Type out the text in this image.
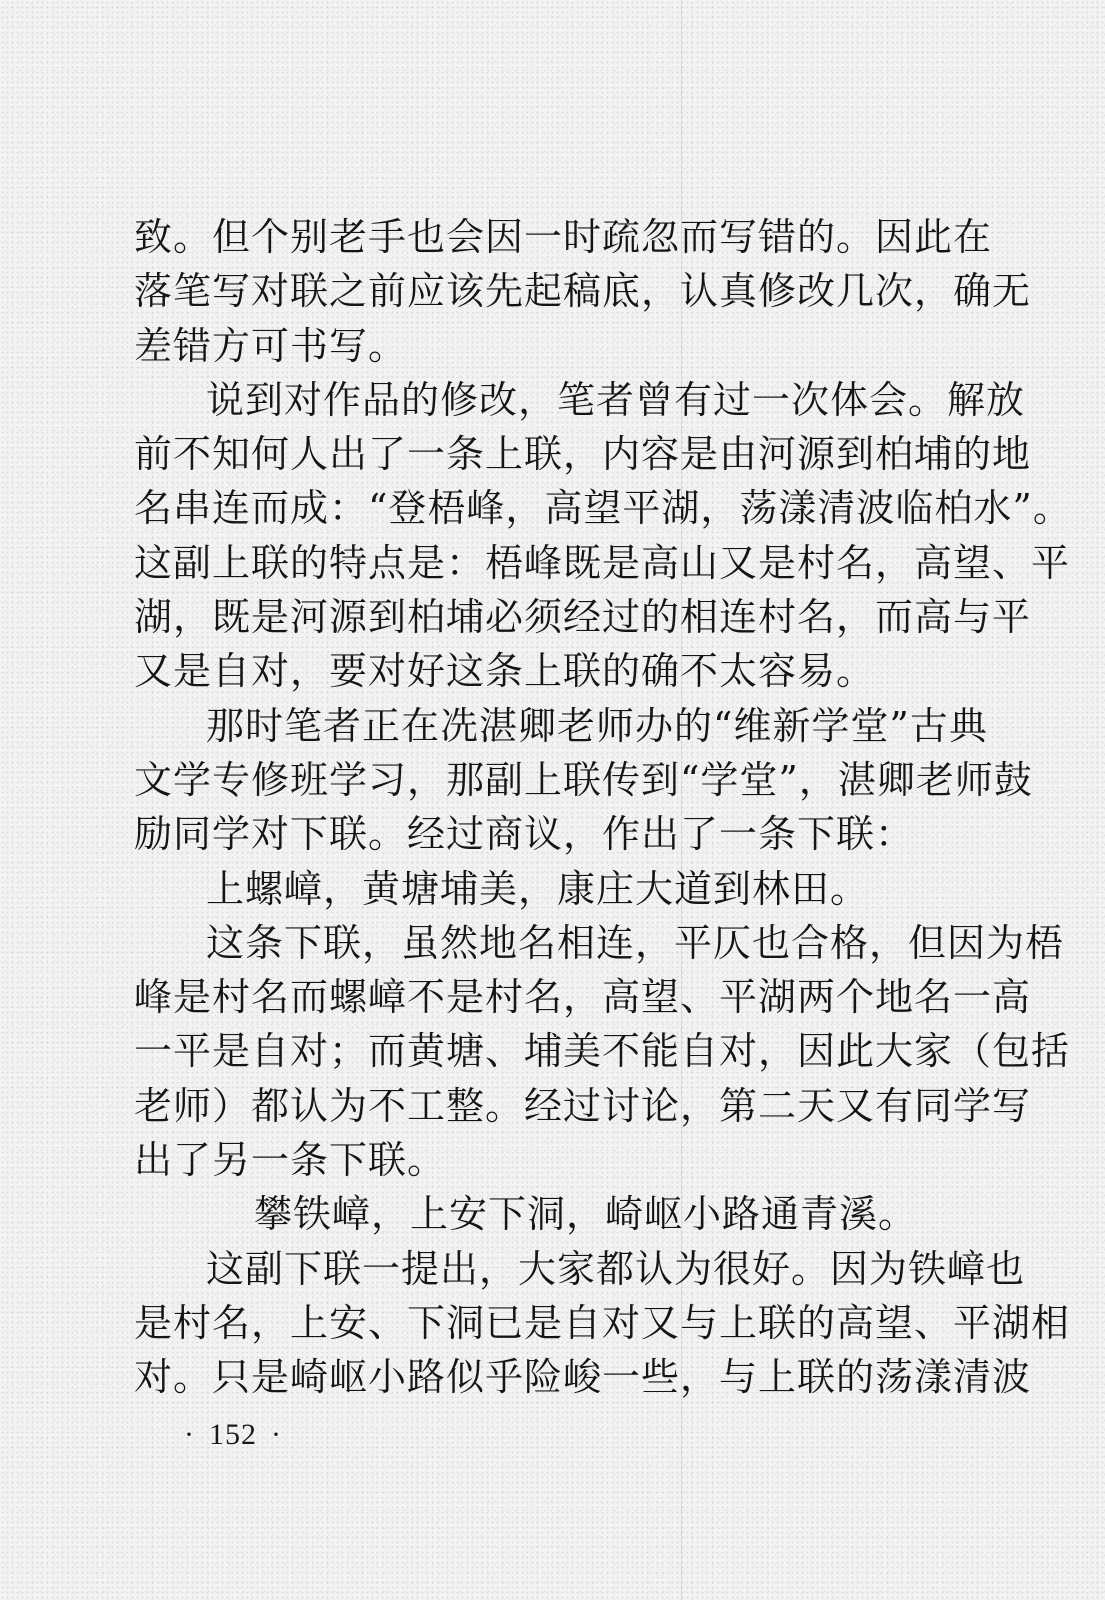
致。但个别老手也会因一时疏忽而写错的。因此在
落笔写对联之前应该先起稿底，认真修改几次，确无
差错方可书写。
说到对作品的修改，笔者曾有过一次体会。解放
前不知何人出了一条上联，内容是由河源到柏埔的地
名串连而成：“登梧峰，高望平湖，荡漾清波临柏水”。
这副上联的特点是：梧峰既是高山又是村名，高望、平
湖，既是河源到柏埔必须经过的相连村名，而高与平
又是自对，要对好这条上联的确不太容易。
那时笔者正在冼湛卿老师办的“维新学堂”古典
文学专修班学习，那副上联传到“学堂”，湛卿老师鼓
励同学对下联。经过商议，作出了一条下联：
上螺嶂，黄塘埔美，康庄大道到林田。
这条下联，虽然地名相连，平仄也合格，但因为梧
峰是村名而螺嶂不是村名，高望、平湖两个地名一高
一平是自对；而黄塘、埔美不能自对，因此大家（包括
老师）都认为不工整。经过讨论，第二天又有同学写
出了另一条下联。
攀铁嶂，上安下洞，崎岖小路通青溪。
这副下联一提出，大家都认为很好。因为铁嶂也
是村名，上安、下洞已是自对又与上联的高望、平湖相
对。只是崎岖小路似乎险峻一些，与上联的荡漾清波
· 152 ·
